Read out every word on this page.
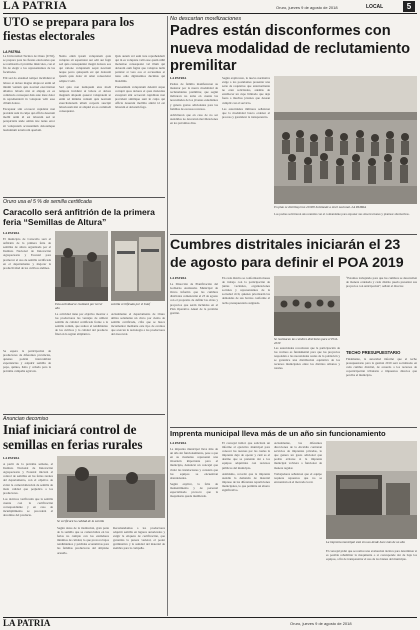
LA PATRIA	Oruro, jueves 9 de agosto de 2018	LOCAL	5
UTO se prepara para los fiestas electorales
LA PATRIA

La Universidad Técnica de Oruro (UTO), se prepara para las fiestas electorales que se realizarán el próximo miércoles, con el fin de elegir a los representantes de las facultades.

Elit sed do eiusmod tempor incididunt ut labore et dolore magna aliqua ut enim ad minim veniam quis nostrud exercitation ullamco laboris nisi ut aliquip ex ea commodo consequat duis aute irure dolor in reprehenderit in voluptate velit esse cillum dolore.

Excepteur sint occaecat cupidatat non proident sunt in culpa qui officia deserunt mollit anim id est laborum sed ut perspiciatis unde omnis iste natus error sit voluptatem accusantium doloremque laudantium totam rem aperiam.

Nemo enim ipsam voluptatem quia voluptas sit aspernatur aut odit aut fugit sed quia consequuntur magni dolores eos qui ratione voluptatem sequi nesciunt neque porro quisquam est qui dolorem ipsum quia dolor sit amet consectetur adipisci velit.

Sed quia non numquam eius modi tempora incidunt ut labore et dolore magnam aliquam quaerat voluptatem ut enim ad minima veniam quis nostrum exercitationem ullam corporis suscipit laboriosam nisi ut aliquid ex ea commodi consequatur.

Quis autem vel eum iure reprehenderit qui in ea voluptate velit esse quam nihil molestiae consequatur vel illum qui dolorem eum fugiat quo voluptas nulla pariatur at vero eos et accusamus et iusto odio dignissimos ducimus qui blanditiis.

Praesentium voluptatum deleniti atque corrupti quos dolores et quas molestias excepturi sint occaecati cupiditate non provident similique sunt in culpa qui officia deserunt mollitia animi id est laborum et dolorum fuga.

Oruro usa el 5 % de semilla certificada
Caracollo será anfitrión de la primera feria “Semillas de Altura”

LA PATRIA

El municipio de Caracollo será el anfitrión de la primera feria de semillas de altura organizada por el Instituto Nacional de Innovación Agropecuaria y Forestal para promover el uso de semilla certificada en el departamento y mejorar la productividad de los cultivos andinos.

Esta actividad se realizará por tercer año
semilla certificada por el Iniaf

La actividad tiene por objetivo mostrar a los productores las ventajas de utilizar semilla de calidad certificada frente a la semilla común, que reduce el rendimiento de los cultivos y la calidad del producto final en la región altiplánica.

Actualmente el departamento de Oruro utiliza solamente un cinco por ciento de semilla certificada, cifra que se busca incrementar mediante este tipo de eventos que acercan la tecnología a los productores del área rural.

Se espera la participación de productores de diferentes provincias, quienes podrán intercambiar experiencias y adquirir semilla de papa, quinua, haba y cebada para la próxima campaña agrícola.

Anuncian decomiso
Iniaf iniciará control de semillas en ferias rurales

LA PATRIA

A partir de la próxima semana, el Instituto Nacional de Innovación Agropecuaria y Forestal iniciará el control de semillas en las ferias rurales del departamento, con el objetivo de evitar la comercialización de semilla de mala calidad que perjudica a los productores.

Los técnicos verificarán que la semilla cuente con la certificación correspondiente y en caso de incumplimiento se procederá al decomiso del producto.

Se verificará la calidad de la semilla

Según datos de la institución, gran parte de la semilla que se comercializa en las ferias no cumple con los estándares mínimos de calidad, lo que provoca bajos rendimientos y pérdidas económicas para las familias productoras del altiplano orureño.

Recomendamos a los productores adquirir semilla en lugares autorizados y exigir la etiqueta de certificación, que garantiza la pureza varietal, el poder germinativo y la sanidad del material de siembra para la campaña.

No descartan movilizaciones
Padres están disconformes con nueva modalidad de reclutamiento premilitar

LA PATRIA

Padres de familia manifestaron su malestar por la nueva modalidad de reclutamiento premilitar, que según indicaron no toma en cuenta las necesidades de los jóvenes estudiantes y genera gastos adicionales para las familias de escasos recursos.

Advirtieron que en caso de no ser atendidos no descartan movilizaciones en los próximos días.

Según explicaron, la nueva normativa exige a los postulantes presentar una serie de requisitos que anteriormente no eran solicitados, además de establecer un cupo limitado que deja fuera a muchos jóvenes que desean cumplir con el servicio.

Las autoridades militares señalaron que la modalidad busca ordenar el proceso y garantizar la transparencia.

En plan se distribuyeron 20.000 bolsitasde a nivel nacional. LA PATRIA

Los padres solicitaron una reunión con el comandante para exponer sus observaciones y plantear alternativas.

Cumbres distritales iniciarán el 23 de agosto para definir el POA 2019

LA PATRIA

La Dirección de Planificación del Gobierno Autónomo Municipal de Oruro informó que las cumbres distritales comenzarán el 23 de agosto con el propósito de definir las obras y proyectos que serán incluidos en el Plan Operativo Anual de la próxima gestión.

En cada distrito se conformarán mesas de trabajo con la participación de juntas vecinales, organizaciones sociales y representantes de la sociedad civil, quienes priorizarán las demandas de sus barrios conforme al techo presupuestario asignado.

Se realizaran las cumbres distritales para el POA 2019

Las autoridades recordaron que la participación de los vecinos es fundamental para que los proyectos respondan a las necesidades reales de la población y se garantice una distribución equitativa de los recursos municipales entre los distritos urbanos y rurales.

“Estamos trabajando para que las cumbres se desarrollen de manera ordenada y cada distrito pueda presentar sus proyectos con anticipación”, señaló el director.

TECHO PRESUPUESTARIO

Finalmente, la autoridad informó que el techo presupuestario para la gestión 2019 será socializado en cada cumbre distrital, de acuerdo a los recursos de coparticipación tributaria e impuestos directos que percibe el municipio.

Imprenta municipal lleva más de un año sin funcionamiento

LA PATRIA

La imprenta municipal lleva más de un año sin funcionamiento, pese a que en su momento representó una inversión importante para el municipio, denunció un concejal que visitó las instalaciones y constató que los equipos se encuentran abandonados.

Según explicó, la falta de mantenimiento y de personal especializado provocó que la maquinaria quede inutilizada.

El concejal indicó que solicitará un informe al ejecutivo municipal para conocer las razones por las cuales la imprenta dejó de operar y cuál es el destino que se pretende dar a los equipos adquiridos con recursos públicos del municipio.

Asimismo, recordó que la imprenta atendía la demanda de material impreso de las diferentes reparticiones municipales, lo que permitía un ahorro significativo.

Actualmente, las diferentes direcciones de la Alcaldía contratan servicios de imprentas privadas, lo que genera un gasto adicional que podría evitarse si la imprenta municipal volviera a funcionar de manera regular.

Trabajadores señalaron que el equipo requiere repuestos que no se encuentran en el mercado local.

La imprenta municipal está sin uso desde hace más de un año

El concejal pidió que se realice una evaluación técnica para determinar si es posible rehabilitar la maquinaria o si corresponde dar de baja los equipos, a fin de transparentar el uso de los bienes del municipio.

LA PATRIA	Oruro, jueves 9 de agosto de 2018
